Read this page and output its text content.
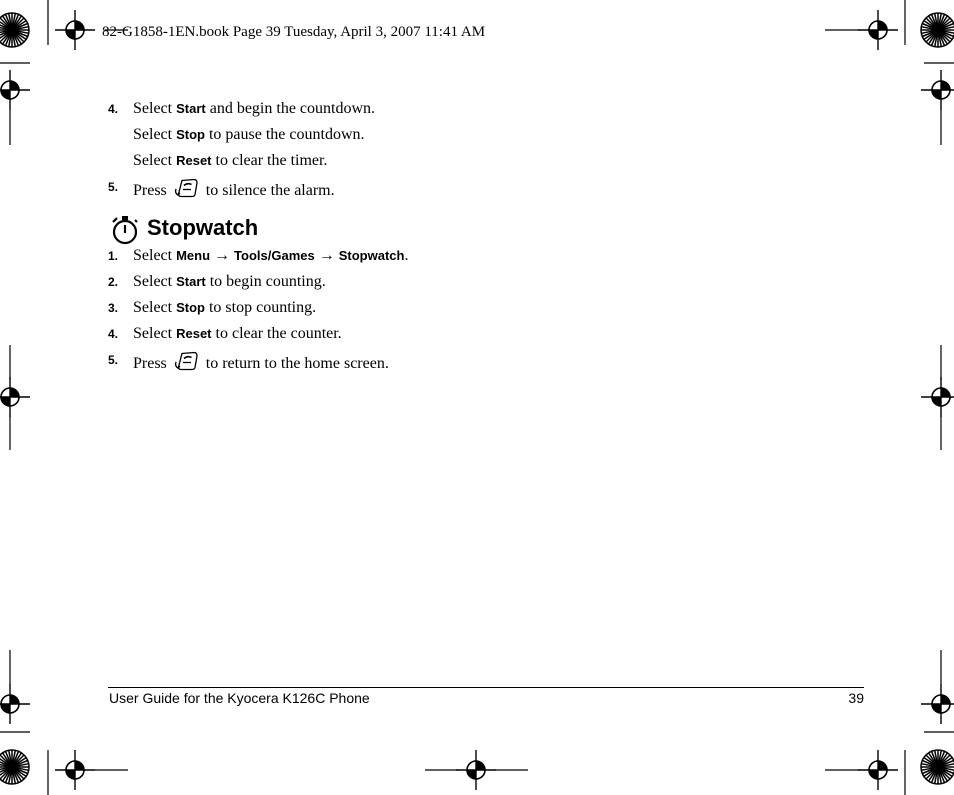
82-G1858-1EN.book Page 39 Tuesday, April 3, 2007 11:41 AM
4. Select Start and begin the countdown.
Select Stop to pause the countdown.
Select Reset to clear the timer.
5. Press to silence the alarm.
Stopwatch
1. Select Menu → Tools/Games → Stopwatch.
2. Select Start to begin counting.
3. Select Stop to stop counting.
4. Select Reset to clear the counter.
5. Press to return to the home screen.
User Guide for the Kyocera K126C Phone	39
